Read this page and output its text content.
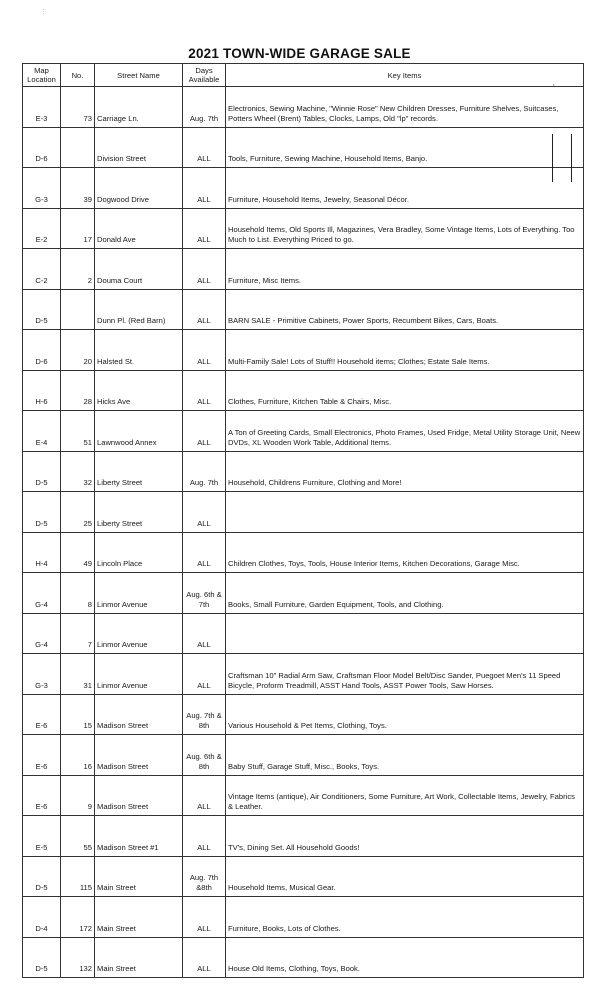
⋮
2021 TOWN-WIDE GARAGE SALE
Map Location	No.	Street Name	Days Available	Key Items
E-3	73	Carriage Ln.	Aug. 7th	Electronics, Sewing Machine, "Winnie Rose" New Children Dresses, Furniture Shelves, Suitcases, Potters Wheel (Brent) Tables, Clocks, Lamps, Old "lp" records.
D-6		Division Street	ALL	Tools, Furniture, Sewing Machine, Household Items, Banjo.
G-3	39	Dogwood Drive	ALL	Furniture, Household Items, Jewelry, Seasonal Décor.
E-2	17	Donald Ave	ALL	Household Items, Old Sports Ill, Magazines, Vera Bradley, Some Vintage Items, Lots of Everything. Too Much to List. Everything Priced to go.
C-2	2	Douma Court	ALL	Furniture, Misc Items.
D-5		Dunn Pl. (Red Barn)	ALL	BARN SALE - Primitive Cabinets, Power Sports, Recumbent Bikes, Cars, Boats.
D-6	20	Halsted St.	ALL	Multi-Family Sale! Lots of Stuff!! Household items; Clothes; Estate Sale Items.
H-6	28	Hicks Ave	ALL	Clothes, Furniture, Kitchen Table & Chairs, Misc.
E-4	51	Lawnwood Annex	ALL	A Ton of Greeting Cards, Small Electronics, Photo Frames, Used Fridge, Metal Utility Storage Unit, Neew DVDs, XL Wooden Work Table, Additional Items.
D-5	32	Liberty Street	Aug. 7th	Household, Childrens Furniture, Clothing and More!
D-5	25	Liberty Street	ALL	
H-4	49	Lincoln Place	ALL	Children Clothes, Toys, Tools, House Interior Items, Kitchen Decorations, Garage Misc.
G-4	8	Linmor Avenue	Aug. 6th & 7th	Books, Small Furniture, Garden Equipment, Tools, and Clothing.
G-4	7	Linmor Avenue	ALL	
G-3	31	Linmor Avenue	ALL	Craftsman 10" Radial Arm Saw, Craftsman Floor Model Belt/Disc Sander, Puegoet Men's 11 Speed Bicycle, Proform Treadmill, ASST Hand Tools, ASST Power Tools, Saw Horses.
E-6	15	Madison Street	Aug. 7th & 8th	Various Household & Pet Items, Clothing, Toys.
E-6	16	Madison Street	Aug. 6th & 8th	Baby Stuff, Garage Stuff, Misc., Books, Toys.
E-6	9	Madison Street	ALL	Vintage Items (antique), Air Conditioners, Some Furniture, Art Work, Collectable Items, Jewelry, Fabrics & Leather.
E-5	55	Madison Street #1	ALL	TV's, Dining Set. All Household Goods!
D-5	115	Main Street	Aug. 7th &8th	Household Items, Musical Gear.
D-4	172	Main Street	ALL	Furniture, Books, Lots of Clothes.
D-5	132	Main Street	ALL	House Old Items, Clothing, Toys, Book.
’
